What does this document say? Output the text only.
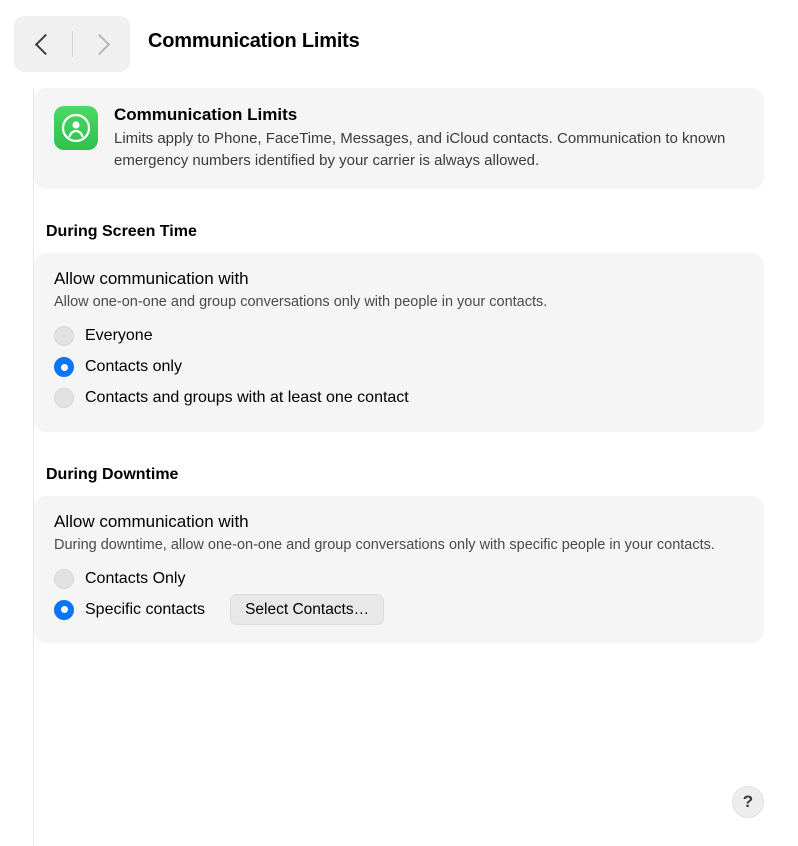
Communication Limits
Communication Limits
Limits apply to Phone, FaceTime, Messages, and iCloud contacts. Communication to known emergency numbers identified by your carrier is always allowed.
During Screen Time
Allow communication with
Allow one-on-one and group conversations only with people in your contacts.
Everyone
Contacts only
Contacts and groups with at least one contact
During Downtime
Allow communication with
During downtime, allow one-on-one and group conversations only with specific people in your contacts.
Contacts Only
Specific contacts	Select Contacts…
?
